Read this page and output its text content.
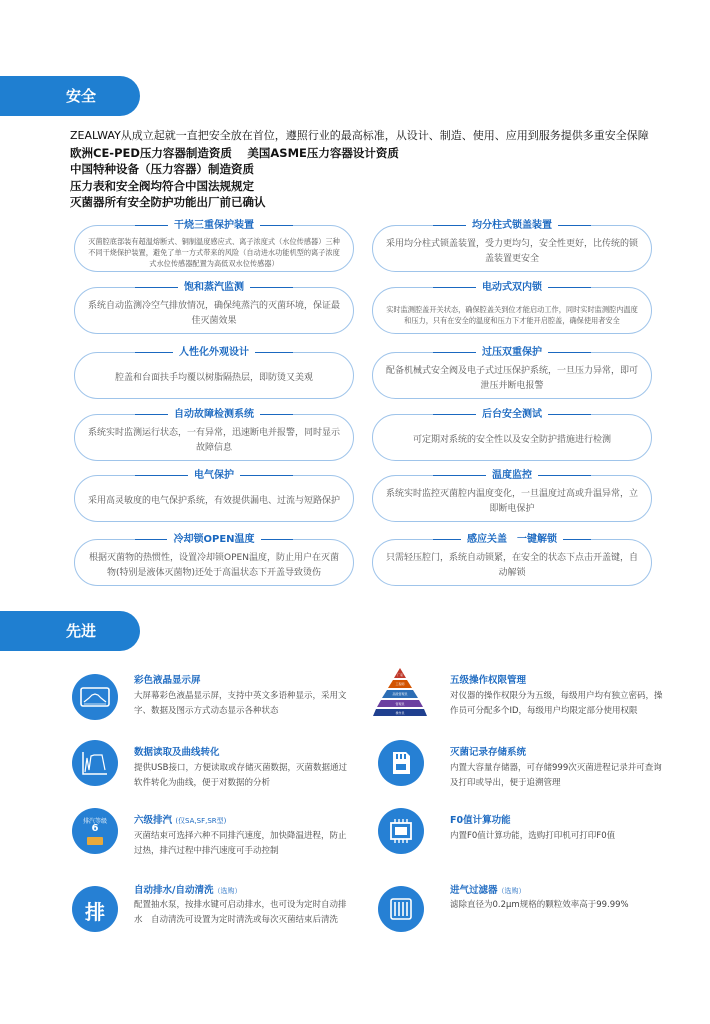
安全
ZEALWAY从成立起就一直把安全放在首位，遵照行业的最高标准，从设计、制造、使用、应用到服务提供多重安全保障
欧洲CE-PED压力容器制造资质　 美国ASME压力容器设计资质
中国特种设备（压力容器）制造资质
压力表和安全阀均符合中国法规规定
灭菌器所有安全防护功能出厂前已确认
干烧三重保护装置
灭菌腔底部装有超温熔断式、铜制温度感应式、离子浓度式（水位传感器）三种不同干烧保护装置，避免了单一方式带来的风险（自动进水功能机型的离子浓度式水位传感器配置为高低双水位传感器）
饱和蒸汽监测
系统自动监测冷空气排放情况，确保纯蒸汽的灭菌环境，保证最佳灭菌效果
人性化外观设计
腔盖和台面扶手均覆以树脂隔热层，即防烫又美观
自动故障检测系统
系统实时监测运行状态，一有异常，迅速断电并报警，同时显示故障信息
电气保护
采用高灵敏度的电气保护系统，有效提供漏电、过流与短路保护
冷却锁OPEN温度
根据灭菌物的热惯性，设置冷却锁OPEN温度，防止用户在灭菌物(特别是液体灭菌物)还处于高温状态下开盖导致烫伤
均分柱式锁盖装置
采用均分柱式锁盖装置，受力更均匀，安全性更好，比传统的锁盖装置更安全
电动式双内锁
实时监测腔盖开关状态，确保腔盖关到位才能启动工作，同时实时监测腔内温度和压力，只有在安全的温度和压力下才能开启腔盖，确保使用者安全
过压双重保护
配备机械式安全阀及电子式过压保护系统，一旦压力异常，即可泄压并断电报警
后台安全测试
可定期对系统的安全性以及安全防护措施进行检测
温度监控
系统实时监控灭菌腔内温度变化，一旦温度过高或升温异常，立即断电保护
感应关盖　一键解锁
只需轻压腔门，系统自动锁紧，在安全的状态下点击开盖键，自动解锁
先进
彩色液晶显示屏
大屏幕彩色液晶显示屏，支持中英文多语种显示，采用文字、数据及图示方式动态显示各种状态
厂家
工程师
高级管理员
管理员
操作员
五级操作权限管理
对仪器的操作权限分为五级，每级用户均有独立密码，操作员可分配多个ID，每级用户均限定部分使用权限
数据读取及曲线转化
提供USB接口，方便读取或存储灭菌数据，灭菌数据通过软件转化为曲线，便于对数据的分析
灭菌记录存储系统
内置大容量存储器，可存储999次灭菌进程记录并可查询及打印或导出，便于追溯管理
排汽等级
6
六级排汽 (仅SA,SF,SR型)
灭菌结束可选择六种不同排汽速度，加快降温进程，防止过热，排汽过程中排汽速度可手动控制
F0值计算功能
内置F0值计算功能，选购打印机可打印F0值
排
自动排水/自动清洗（选购）
配置抽水泵，按排水键可启动排水，也可设为定时自动排水　自动清洗可设置为定时清洗或每次灭菌结束后清洗
进气过滤器（选购）
滤除直径为0.2μm规格的颗粒效率高于99.99%
